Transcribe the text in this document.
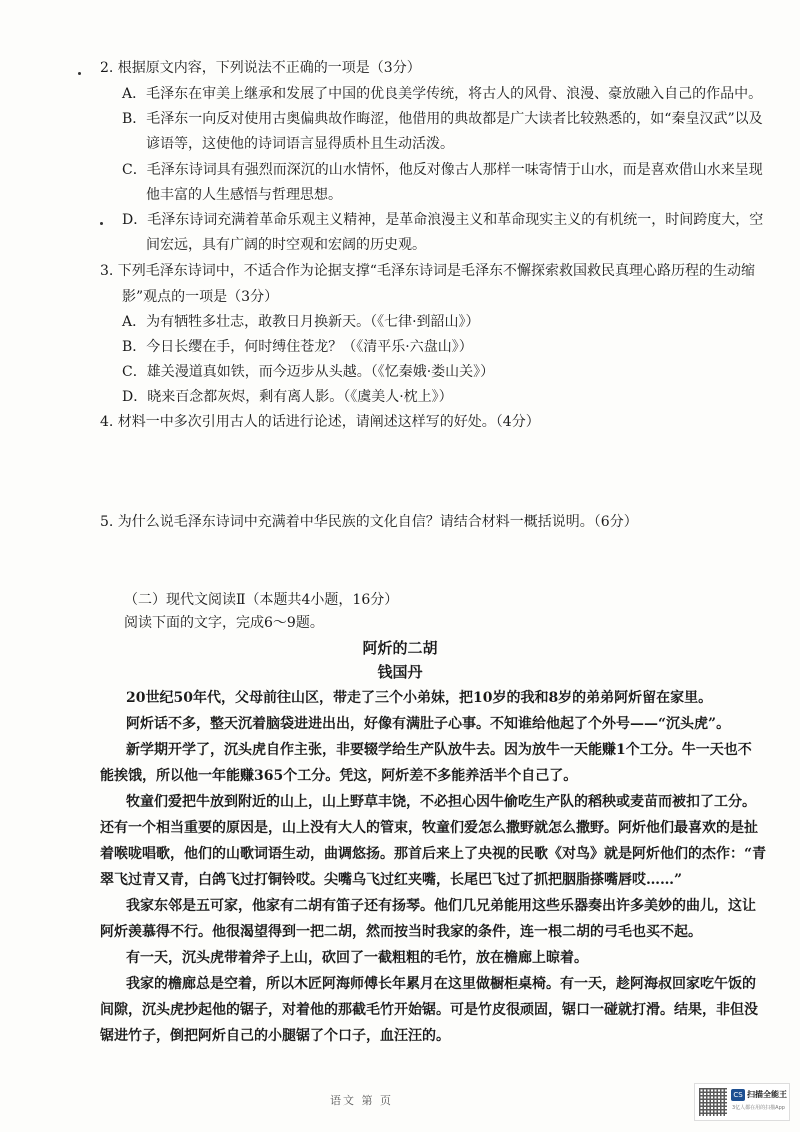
2. 根据原文内容，下列说法不正确的一项是（3分）
A．毛泽东在审美上继承和发展了中国的优良美学传统，将古人的风骨、浪漫、豪放融入自己的作品中。
B．毛泽东一向反对使用古奥偏典故作晦涩，他借用的典故都是广大读者比较熟悉的，如“秦皇汉武”以及
谚语等，这使他的诗词语言显得质朴且生动活泼。
C．毛泽东诗词具有强烈而深沉的山水情怀，他反对像古人那样一味寄情于山水，而是喜欢借山水来呈现
他丰富的人生感悟与哲理思想。
D．毛泽东诗词充满着革命乐观主义精神，是革命浪漫主义和革命现实主义的有机统一，时间跨度大，空
间宏远，具有广阔的时空观和宏阔的历史观。
3. 下列毛泽东诗词中，不适合作为论据支撑“毛泽东诗词是毛泽东不懈探索救国救民真理心路历程的生动缩
影”观点的一项是（3分）
A．为有牺牲多壮志，敢教日月换新天。（《七律·到韶山》）
B．今日长缨在手，何时缚住苍龙？（《清平乐·六盘山》）
C．雄关漫道真如铁，而今迈步从头越。（《忆秦娥·娄山关》）
D．晓来百念都灰烬，剩有离人影。（《虞美人·枕上》）
4. 材料一中多次引用古人的话进行论述，请阐述这样写的好处。（4分）
5. 为什么说毛泽东诗词中充满着中华民族的文化自信？请结合材料一概括说明。（6分）
（二）现代文阅读Ⅱ（本题共4小题，16分）
阅读下面的文字，完成6～9题。
阿炘的二胡
钱国丹
20世纪50年代，父母前往山区，带走了三个小弟妹，把10岁的我和8岁的弟弟阿炘留在家里。
阿炘话不多，整天沉着脑袋进进出出，好像有满肚子心事。不知谁给他起了个外号——“沉头虎”。
新学期开学了，沉头虎自作主张，非要辍学给生产队放牛去。因为放牛一天能赚1个工分。牛一天也不
能挨饿，所以他一年能赚365个工分。凭这，阿炘差不多能养活半个自己了。
牧童们爱把牛放到附近的山上，山上野草丰饶，不必担心因牛偷吃生产队的稻秧或麦苗而被扣了工分。
还有一个相当重要的原因是，山上没有大人的管束，牧童们爱怎么撒野就怎么撒野。阿炘他们最喜欢的是扯
着喉咙唱歌，他们的山歌词语生动，曲调悠扬。那首后来上了央视的民歌《对鸟》就是阿炘他们的杰作：“青
翠飞过青又青，白鸽飞过打铜铃哎。尖嘴乌飞过红夹嘴，长尾巴飞过了抓把胭脂搽嘴唇哎……”
我家东邻是五可家，他家有二胡有笛子还有扬琴。他们几兄弟能用这些乐器奏出许多美妙的曲儿，这让
阿炘羡慕得不行。他很渴望得到一把二胡，然而按当时我家的条件，连一根二胡的弓毛也买不起。
有一天，沉头虎带着斧子上山，砍回了一截粗粗的毛竹，放在檐廊上晾着。
我家的檐廊总是空着，所以木匠阿海师傅长年累月在这里做橱柜桌椅。有一天，趁阿海叔回家吃午饭的
间隙，沉头虎抄起他的锯子，对着他的那截毛竹开始锯。可是竹皮很顽固，锯口一碰就打滑。结果，非但没
锯进竹子，倒把阿炘自己的小腿锯了个口子，血汪汪的。
语文 第 页	CS 扫描全能王
3亿人都在用的扫描App
